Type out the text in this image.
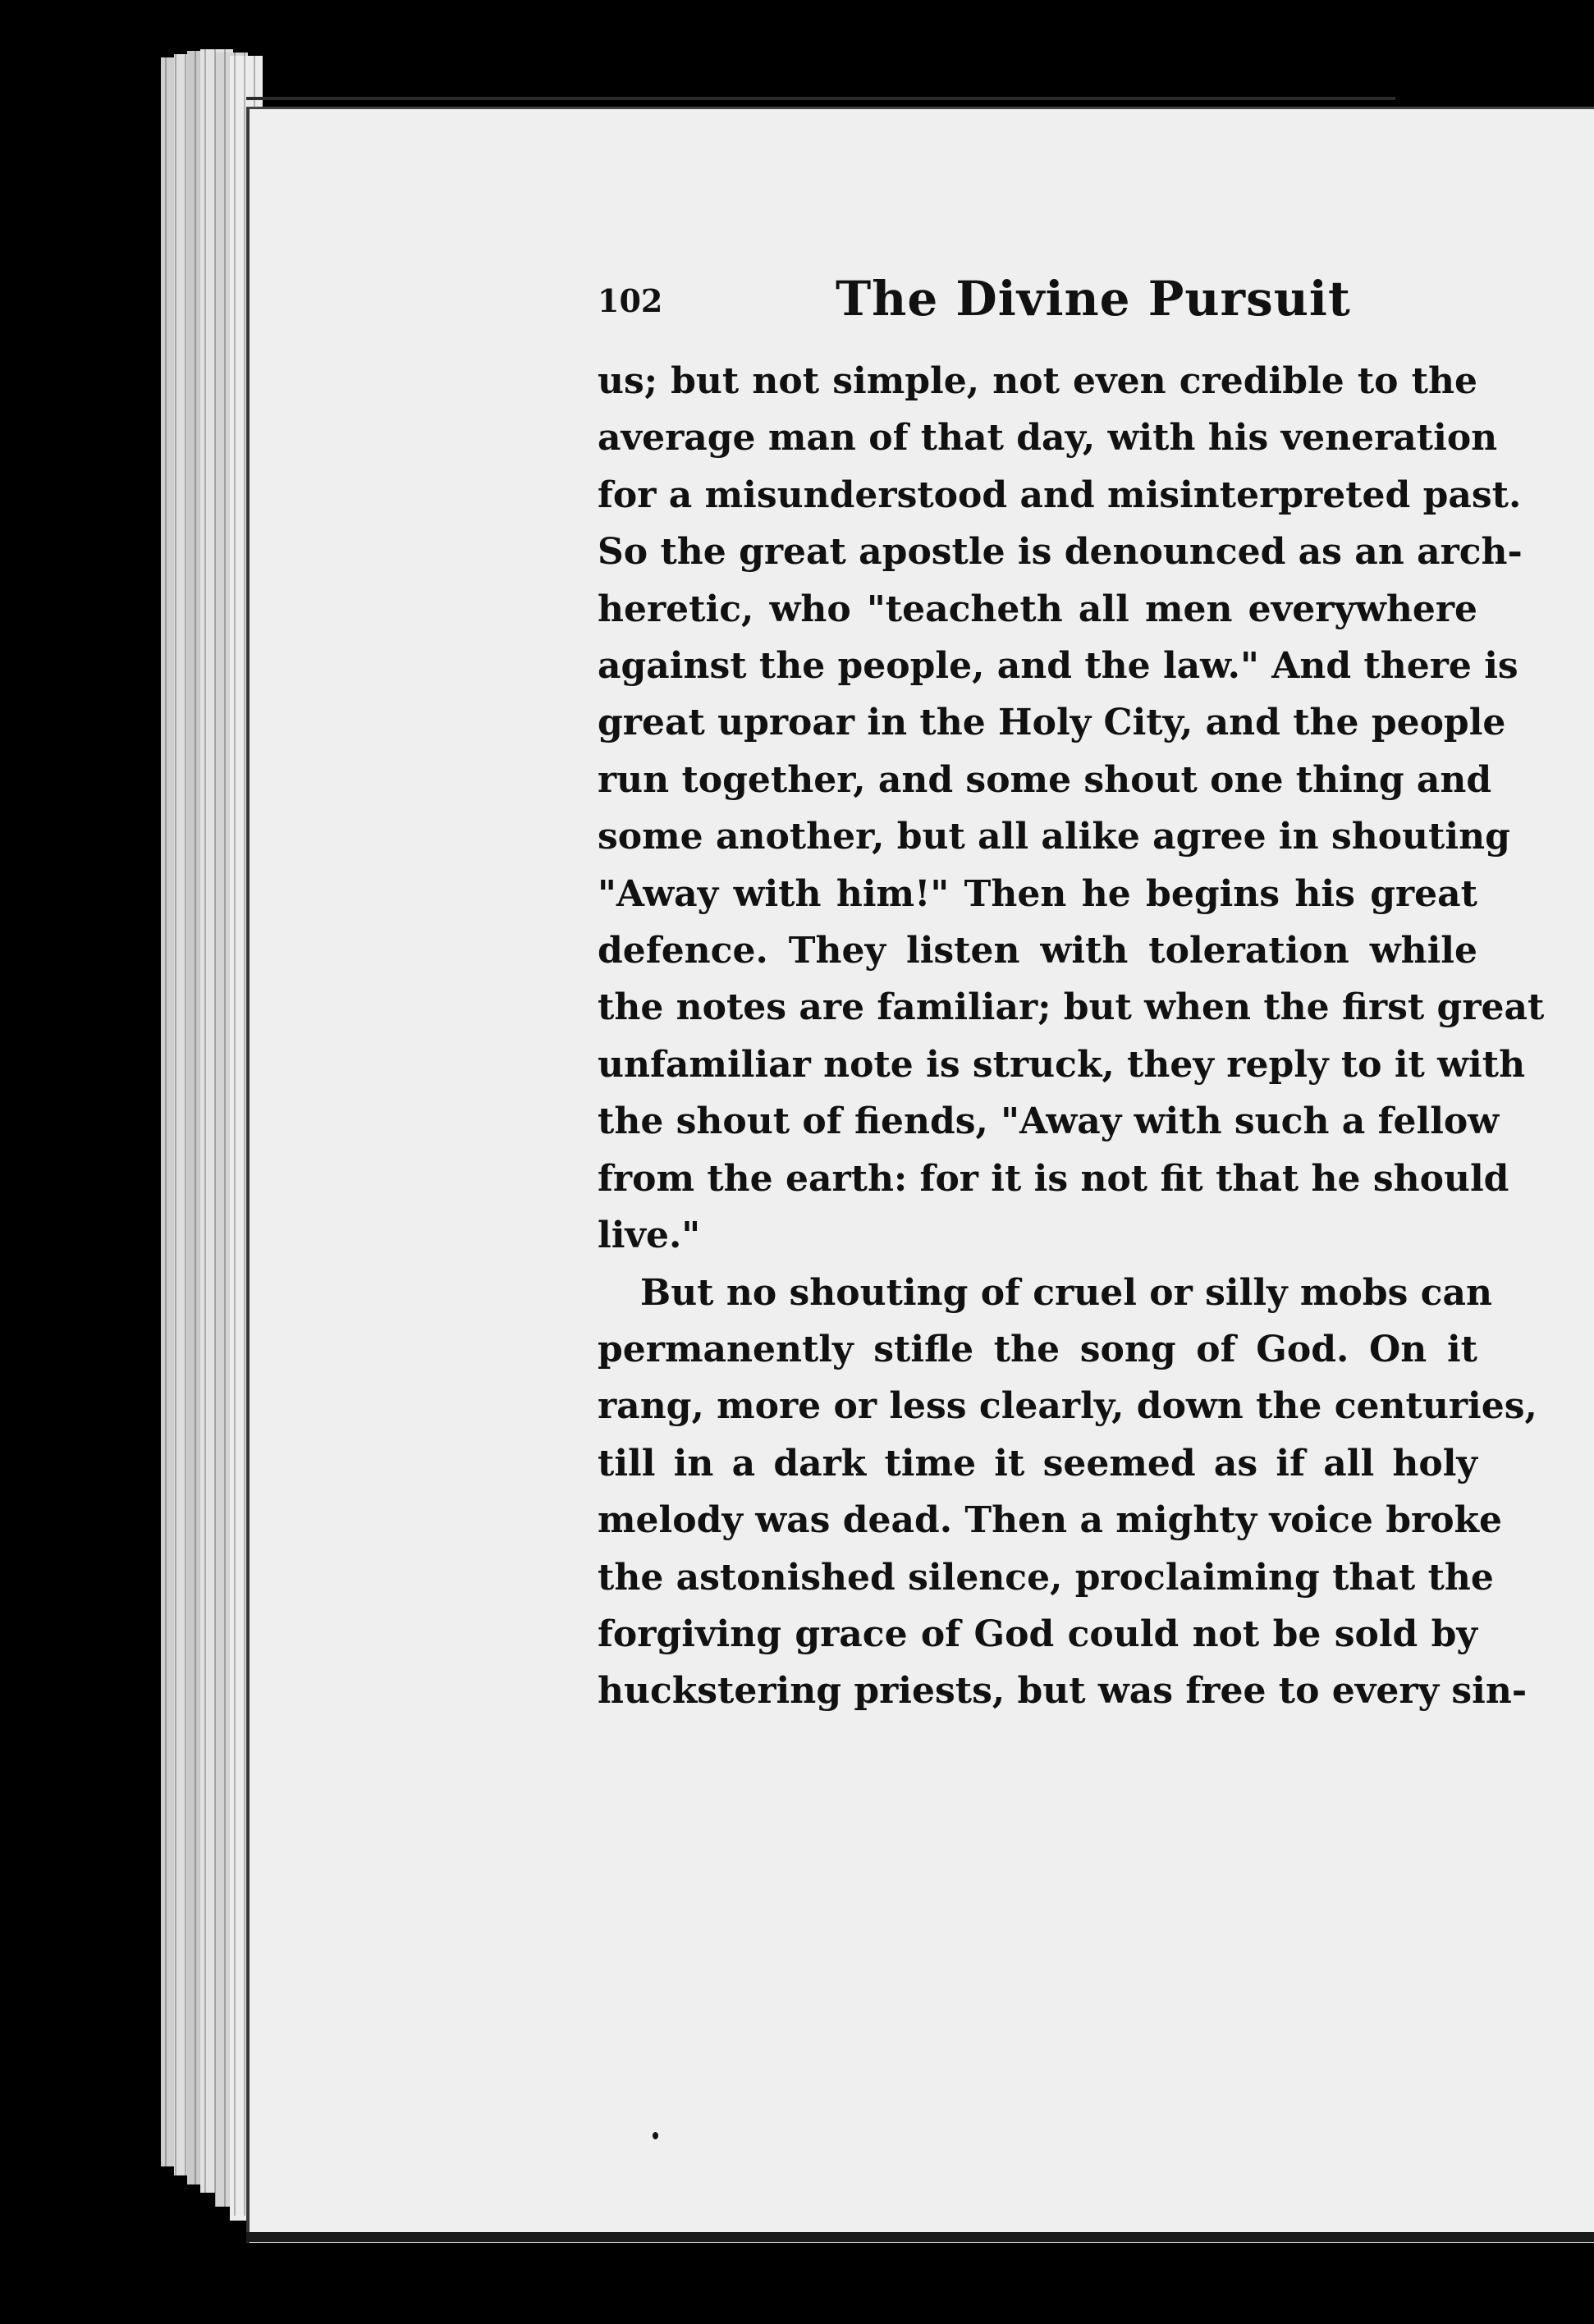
102	The Divine Pursuit
us; but not simple, not even credible to the
average man of that day, with his veneration
for a misunderstood and misinterpreted past.
So the great apostle is denounced as an arch-
heretic, who "teacheth all men everywhere
against the people, and the law." And there is
great uproar in the Holy City, and the people
run together, and some shout one thing and
some another, but all alike agree in shouting
"Away with him!" Then he begins his great
defence. They listen with toleration while
the notes are familiar; but when the first great
unfamiliar note is struck, they reply to it with
the shout of fiends, "Away with such a fellow
from the earth: for it is not fit that he should
live."
But no shouting of cruel or silly mobs can
permanently stifle the song of God. On it
rang, more or less clearly, down the centuries,
till in a dark time it seemed as if all holy
melody was dead. Then a mighty voice broke
the astonished silence, proclaiming that the
forgiving grace of God could not be sold by
huckstering priests, but was free to every sin-
